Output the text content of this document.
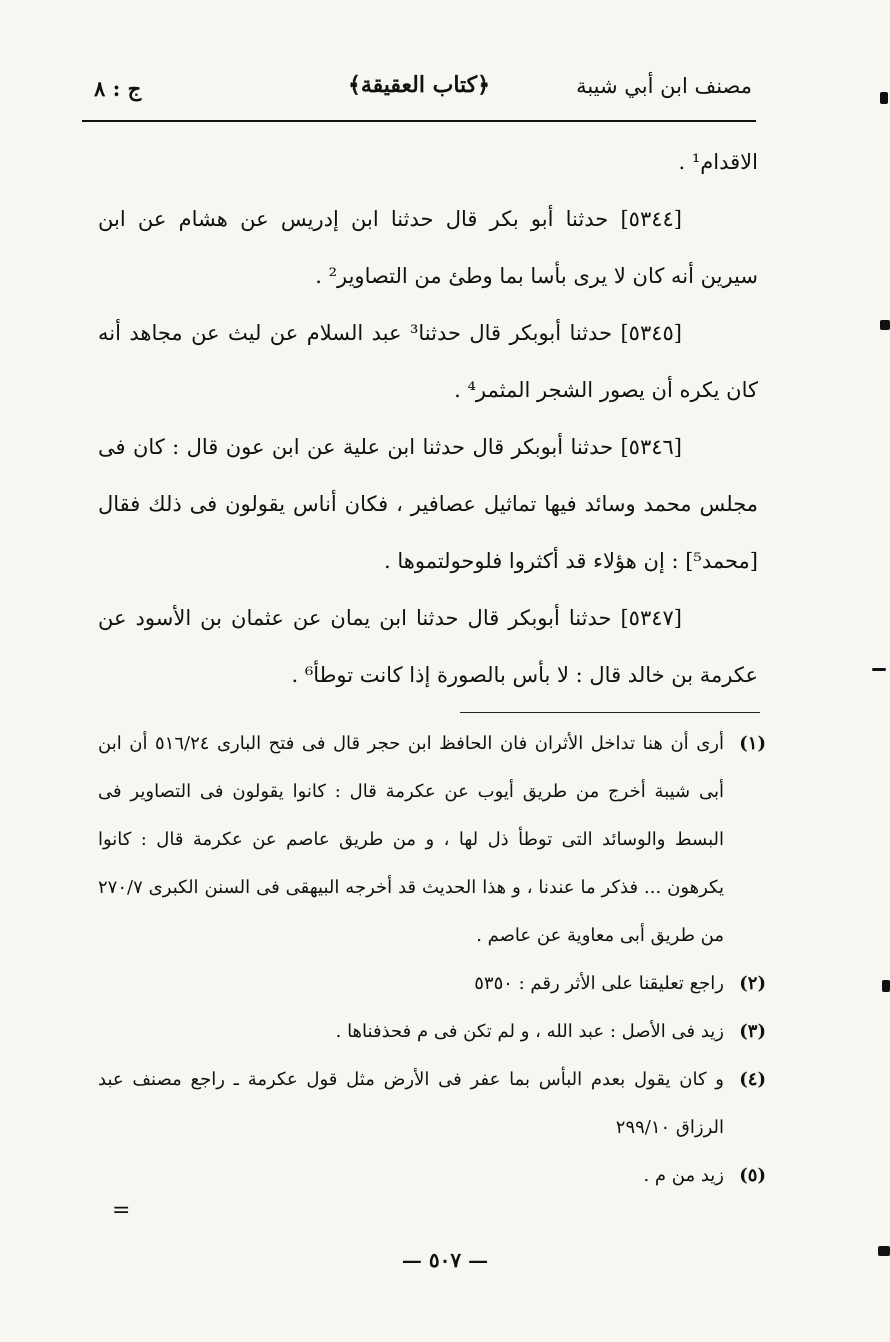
مصنف ابن أبي شيبة
﴿كتاب العقيقة﴾
ج : ٨

الاقدام¹ .

[٥٣٤٤] حدثنا أبو بكر قال حدثنا ابن إدريس عن هشام عن ابن سيرين أنه كان لا يرى بأسا بما وطئ من التصاوير² .

[٥٣٤٥] حدثنا أبوبكر قال حدثنا³ عبد السلام عن ليث عن مجاهد أنه كان يكره أن يصور الشجر المثمر⁴ .

[٥٣٤٦] حدثنا أبوبكر قال حدثنا ابن علية عن ابن عون قال : كان فى مجلس محمد وسائد فيها تماثيل عصافير ، فكان أناس يقولون فى ذلك فقال [محمد⁵] : إن هؤلاء قد أكثروا فلوحولتموها .

[٥٣٤٧] حدثنا أبوبكر قال حدثنا ابن يمان عن عثمان بن الأسود عن عكرمة بن خالد قال : لا بأس بالصورة إذا كانت توطأ⁶ .

(١)أرى أن هنا تداخل الأثران فان الحافظ ابن حجر قال فى فتح البارى ٥١٦/٢٤ أن ابن أبى شيبة أخرج من طريق أيوب عن عكرمة قال : كانوا يقولون فى التصاوير فى البسط والوسائد التى توطأ ذل لها ، و من طريق عاصم عن عكرمة قال : كانوا يكرهون ... فذكر ما عندنا ، و هذا الحديث قد أخرجه البيهقى فى السنن الكبرى ٢٧٠/٧ من طريق أبى معاوية عن عاصم .

(٢)راجع تعليقنا على الأثر رقم : ٥٣٥٠

(٣)زيد فى الأصل : عبد الله ، و لم تكن فى م فحذفناها .

(٤)و كان يقول بعدم البأس بما عفر فى الأرض مثل قول عكرمة ـ راجع مصنف عبد الرزاق ٢٩٩/١٠

(٥)زيد من م .

=
— ٥٠٧ —
